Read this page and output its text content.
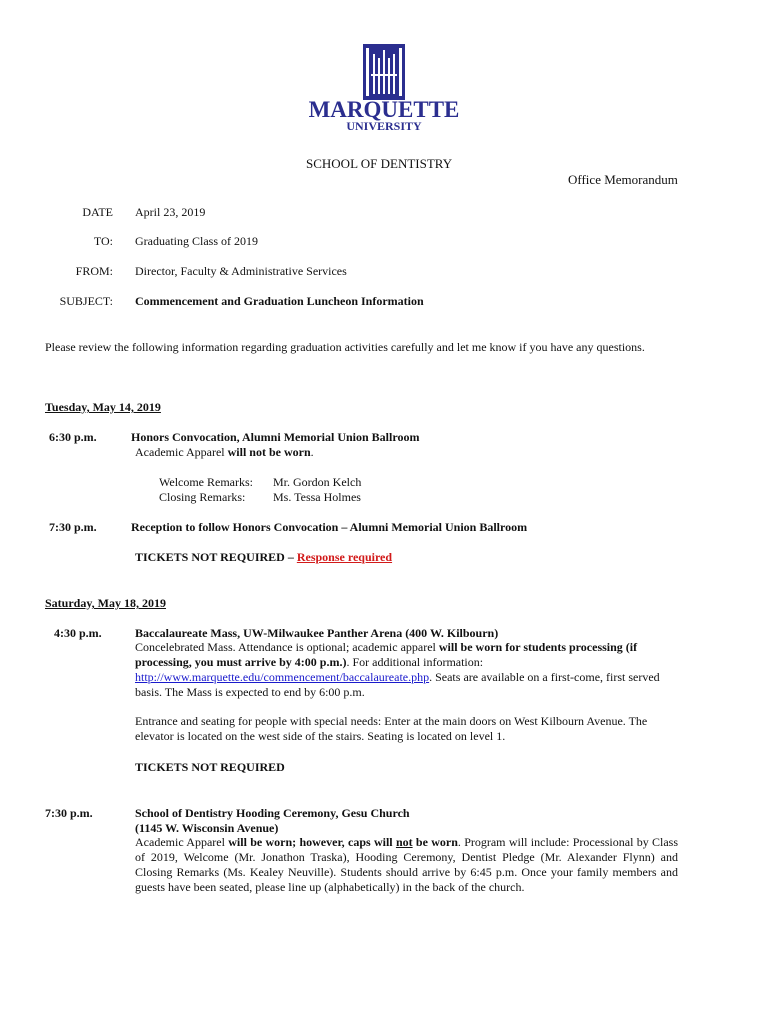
MARQUETTE
UNIVERSITY
SCHOOL OF DENTISTRY
Office Memorandum
DATE April 23, 2019
TO: Graduating Class of 2019
FROM: Director, Faculty & Administrative Services
SUBJECT: Commencement and Graduation Luncheon Information
Please review the following information regarding graduation activities carefully and let me know if you have any questions.
Tuesday, May 14, 2019
6:30 p.m.	Honors Convocation, Alumni Memorial Union Ballroom
Academic Apparel will not be worn.
Welcome Remarks: Mr. Gordon Kelch
Closing Remarks: Ms. Tessa Holmes
7:30 p.m.	Reception to follow Honors Convocation – Alumni Memorial Union Ballroom
TICKETS NOT REQUIRED – Response required
Saturday, May 18, 2019
4:30 p.m.	Baccalaureate Mass, UW-Milwaukee Panther Arena (400 W. Kilbourn)
Concelebrated Mass. Attendance is optional; academic apparel will be worn for students processing (if processing, you must arrive by 4:00 p.m.). For additional information: http://www.marquette.edu/commencement/baccalaureate.php. Seats are available on a first-come, first served basis. The Mass is expected to end by 6:00 p.m.
Entrance and seating for people with special needs: Enter at the main doors on West Kilbourn Avenue. The elevator is located on the west side of the stairs. Seating is located on level 1.
TICKETS NOT REQUIRED
7:30 p.m.	School of Dentistry Hooding Ceremony, Gesu Church
(1145 W. Wisconsin Avenue)
Academic Apparel will be worn; however, caps will not be worn. Program will include: Processional by Class of 2019, Welcome (Mr. Jonathon Traska), Hooding Ceremony, Dentist Pledge (Mr. Alexander Flynn) and Closing Remarks (Ms. Kealey Neuville). Students should arrive by 6:45 p.m. Once your family members and guests have been seated, please line up (alphabetically) in the back of the church.
